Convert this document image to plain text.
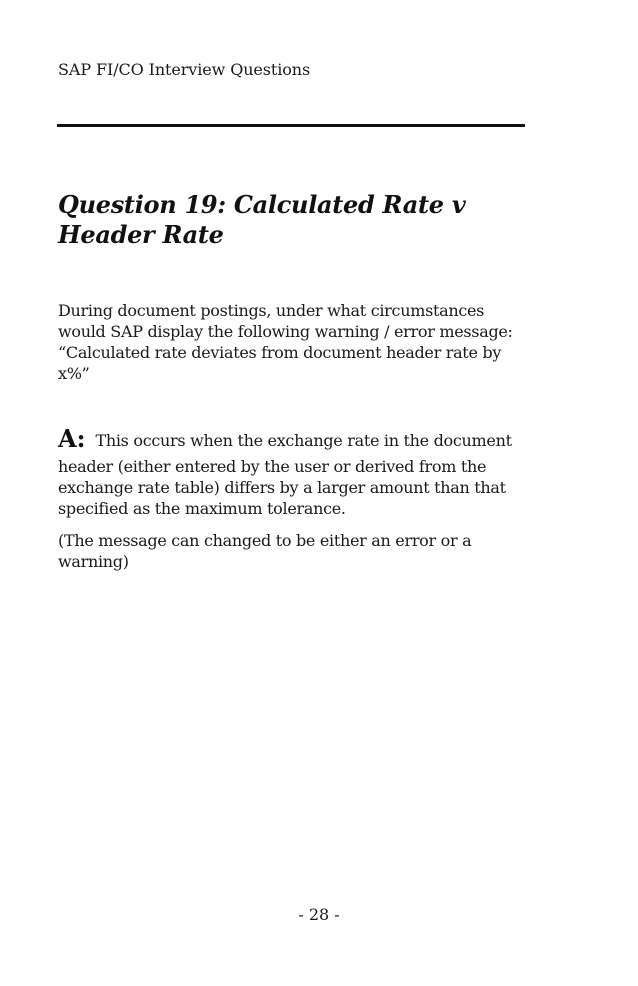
SAP FI/CO Interview Questions
Question 19: Calculated Rate v
Header Rate

During document postings, under what circumstances
would SAP display the following warning / error message:
“Calculated rate deviates from document header rate by
x%”

A: This occurs when the exchange rate in the document
header (either entered by the user or derived from the
exchange rate table) differs by a larger amount than that
specified as the maximum tolerance.

(The message can changed to be either an error or a
warning)

- 28 -
